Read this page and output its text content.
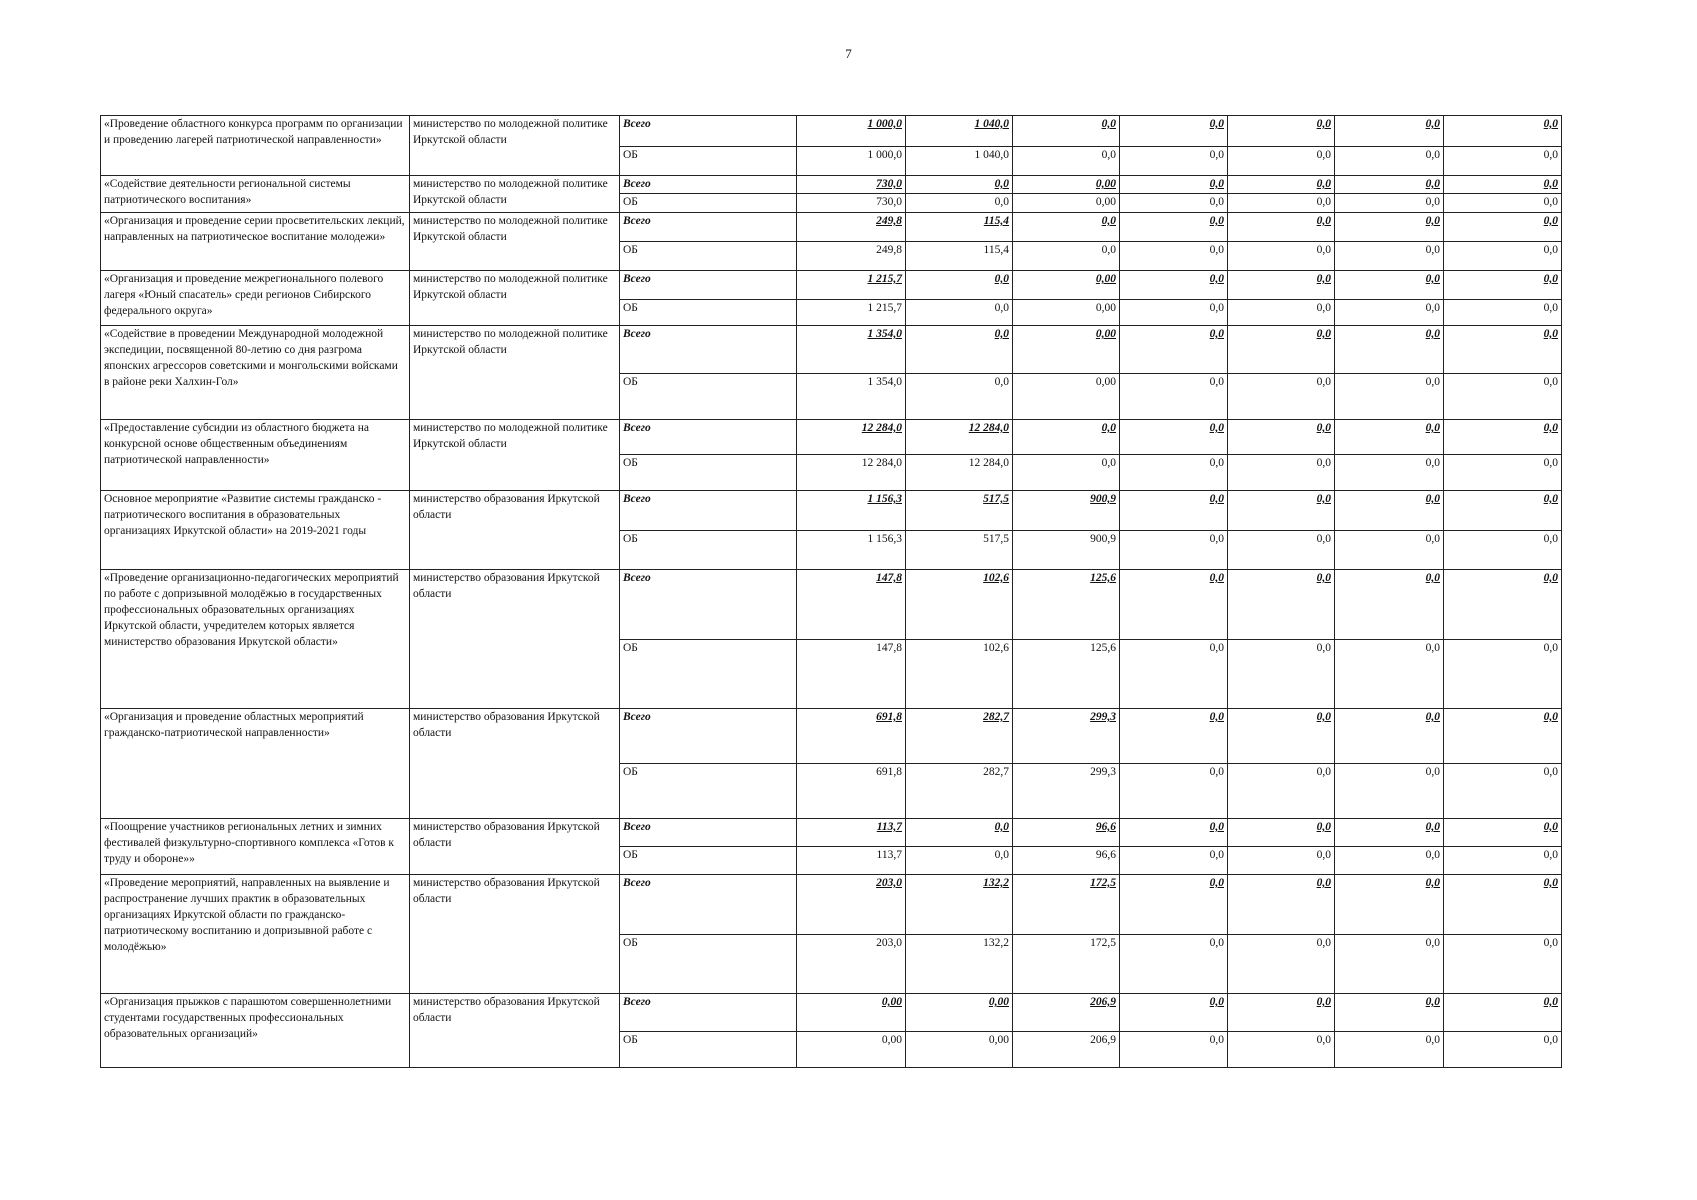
7
«Проведение областного конкурса программ по организации и проведению лагерей патриотической направленности»	министерство по молодежной политике Иркутской области	Всего	1 000,0	1 040,0	0,0	0,0	0,0	0,0	0,0
		ОБ	1 000,0	1 040,0	0,0	0,0	0,0	0,0	0,0
«Содействие деятельности региональной системы патриотического воспитания»	министерство по молодежной политике Иркутской области	Всего	730,0	0,0	0,00	0,0	0,0	0,0	0,0
		ОБ	730,0	0,0	0,00	0,0	0,0	0,0	0,0
«Организация и проведение серии просветительских лекций, направленных на патриотическое воспитание молодежи»	министерство по молодежной политике Иркутской области	Всего	249,8	115,4	0,0	0,0	0,0	0,0	0,0
		ОБ	249,8	115,4	0,0	0,0	0,0	0,0	0,0
«Организация и проведение межрегионального полевого лагеря «Юный спасатель» среди регионов Сибирского федерального округа»	министерство по молодежной политике Иркутской области	Всего	1 215,7	0,0	0,00	0,0	0,0	0,0	0,0
		ОБ	1 215,7	0,0	0,00	0,0	0,0	0,0	0,0
«Содействие в проведении Международной молодежной экспедиции, посвященной 80-летию со дня разгрома японских агрессоров советскими и монгольскими войсками в районе реки Халхин-Гол»	министерство по молодежной политике Иркутской области	Всего	1 354,0	0,0	0,00	0,0	0,0	0,0	0,0
		ОБ	1 354,0	0,0	0,00	0,0	0,0	0,0	0,0
«Предоставление субсидии из областного бюджета на конкурсной основе общественным объединениям патриотической направленности»	министерство по молодежной политике Иркутской области	Всего	12 284,0	12 284,0	0,0	0,0	0,0	0,0	0,0
		ОБ	12 284,0	12 284,0	0,0	0,0	0,0	0,0	0,0
Основное мероприятие «Развитие системы гражданско - патриотического воспитания в образовательных организациях Иркутской области» на 2019-2021 годы	министерство образования Иркутской области	Всего	1 156,3	517,5	900,9	0,0	0,0	0,0	0,0
		ОБ	1 156,3	517,5	900,9	0,0	0,0	0,0	0,0
«Проведение организационно-педагогических мероприятий по работе с допризывной молодёжью в государственных профессиональных образовательных организациях Иркутской области, учредителем которых является министерство образования Иркутской области»	министерство образования Иркутской области	Всего	147,8	102,6	125,6	0,0	0,0	0,0	0,0
		ОБ	147,8	102,6	125,6	0,0	0,0	0,0	0,0
«Организация и проведение областных мероприятий гражданско-патриотической направленности»	министерство образования Иркутской области	Всего	691,8	282,7	299,3	0,0	0,0	0,0	0,0
		ОБ	691,8	282,7	299,3	0,0	0,0	0,0	0,0
«Поощрение участников региональных летних и зимних фестивалей физкультурно-спортивного комплекса «Готов к труду и обороне»»	министерство образования Иркутской области	Всего	113,7	0,0	96,6	0,0	0,0	0,0	0,0
		ОБ	113,7	0,0	96,6	0,0	0,0	0,0	0,0
«Проведение мероприятий, направленных на выявление и распространение лучших практик в образовательных организациях Иркутской области по гражданско-патриотическому воспитанию и допризывной работе с молодёжью»	министерство образования Иркутской области	Всего	203,0	132,2	172,5	0,0	0,0	0,0	0,0
		ОБ	203,0	132,2	172,5	0,0	0,0	0,0	0,0
«Организация прыжков с парашютом совершеннолетними студентами государственных профессиональных образовательных организаций»	министерство образования Иркутской области	Всего	0,00	0,00	206,9	0,0	0,0	0,0	0,0
		ОБ	0,00	0,00	206,9	0,0	0,0	0,0	0,0
